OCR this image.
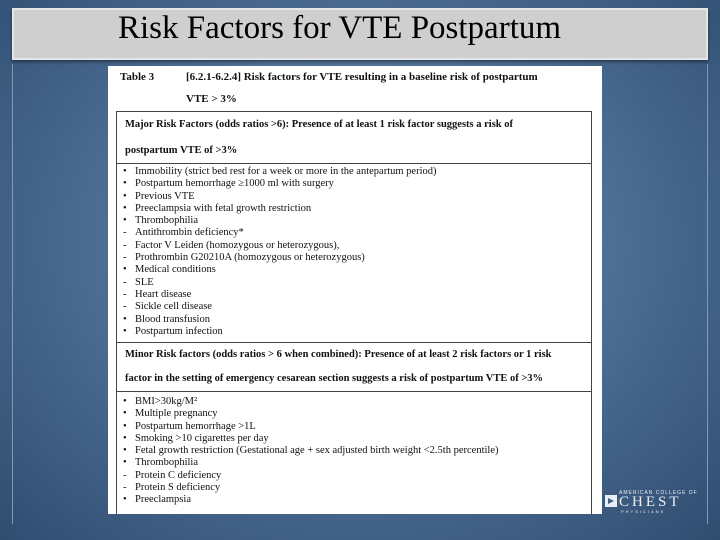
Risk Factors for VTE Postpartum
Table 3	[6.2.1-6.2.4] Risk factors for VTE resulting in a baseline risk of postpartum
VTE > 3%
Major Risk Factors (odds ratios >6): Presence of at least 1 risk factor suggests a risk of
postpartum VTE of >3%
• Immobility (strict bed rest for a week or more in the antepartum period)
• Postpartum hemorrhage ≥1000 ml with surgery
• Previous VTE
• Preeclampsia with fetal growth restriction
• Thrombophilia
- Antithrombin deficiency*
- Factor V Leiden (homozygous or heterozygous),
- Prothrombin G20210A (homozygous or heterozygous)
• Medical conditions
- SLE
- Heart disease
- Sickle cell disease
• Blood transfusion
• Postpartum infection
Minor Risk factors (odds ratios > 6 when combined): Presence of at least 2 risk factors or 1 risk
factor in the setting of emergency cesarean section suggests a risk of postpartum VTE of >3%
• BMI>30kg/M²
• Multiple pregnancy
• Postpartum hemorrhage >1L
• Smoking >10 cigarettes per day
• Fetal growth restriction (Gestational age + sex adjusted birth weight <2.5th percentile)
• Thrombophilia
- Protein C deficiency
- Protein S deficiency
• Preeclampsia
AMERICAN COLLEGE OF
CHEST
PHYSICIANS
